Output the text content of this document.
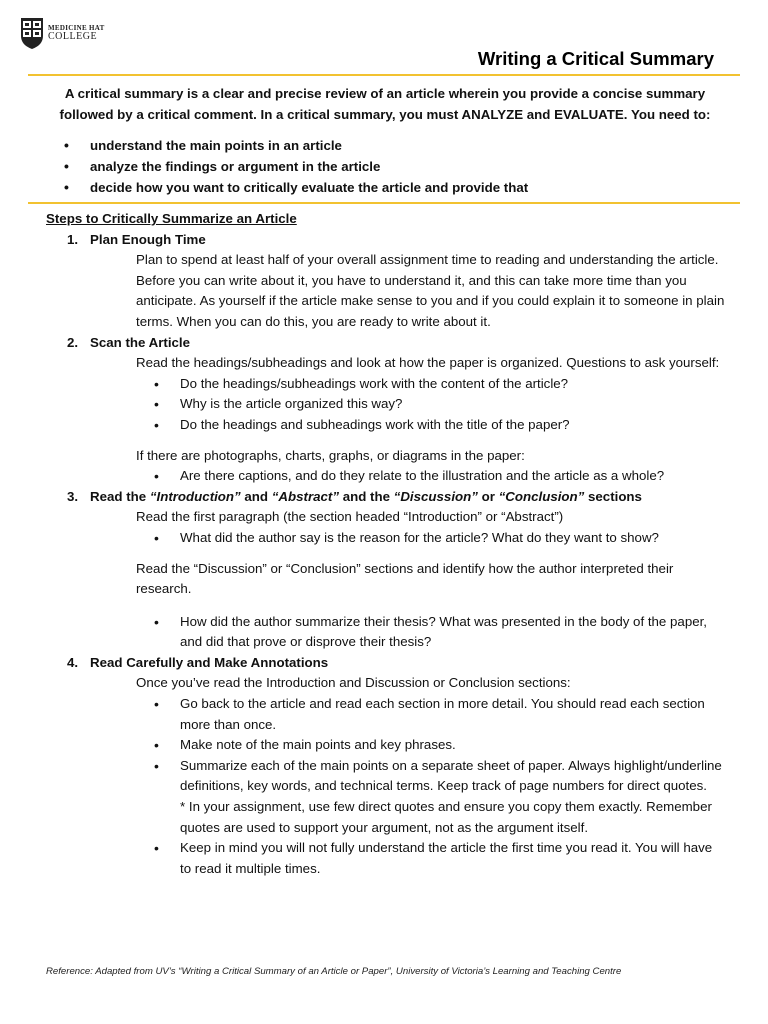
MEDICINE HAT
COLLEGE
Writing a Critical Summary

A critical summary is a clear and precise review of an article wherein you provide a concise summary followed by a critical comment. In a critical summary, you must ANALYZE and EVALUATE. You need to:

• understand the main points in an article
• analyze the findings or argument in the article
• decide how you want to critically evaluate the article and provide that
Steps to Critically Summarize an Article
1. Plan Enough Time

Plan to spend at least half of your overall assignment time to reading and understanding the article. Before you can write about it, you have to understand it, and this can take more time than you anticipate. As yourself if the article make sense to you and if you could explain it to someone in plain terms. When you can do this, you are ready to write about it.

2. Scan the Article

Read the headings/subheadings and look at how the paper is organized. Questions to ask yourself:

• Do the headings/subheadings work with the content of the article?
• Why is the article organized this way?
• Do the headings and subheadings work with the title of the paper?

If there are photographs, charts, graphs, or diagrams in the paper:

• Are there captions, and do they relate to the illustration and the article as a whole?
3. Read the “Introduction” and “Abstract” and the “Discussion” or “Conclusion” sections

Read the first paragraph (the section headed “Introduction” or “Abstract”)

• What did the author say is the reason for the article? What do they want to show?

Read the “Discussion” or “Conclusion” sections and identify how the author interpreted their research.

• How did the author summarize their thesis? What was presented in the body of the paper, and did that prove or disprove their thesis?
4. Read Carefully and Make Annotations

Once you’ve read the Introduction and Discussion or Conclusion sections:

• Go back to the article and read each section in more detail. You should read each section more than once.
• Make note of the main points and key phrases.
• Summarize each of the main points on a separate sheet of paper. Always highlight/underline definitions, key words, and technical terms. Keep track of page numbers for direct quotes.
* In your assignment, use few direct quotes and ensure you copy them exactly. Remember quotes are used to support your argument, not as the argument itself.
• Keep in mind you will not fully understand the article the first time you read it. You will have to read it multiple times.
Reference: Adapted from UV’s “Writing a Critical Summary of an Article or Paper”, University of Victoria’s Learning and Teaching Centre
